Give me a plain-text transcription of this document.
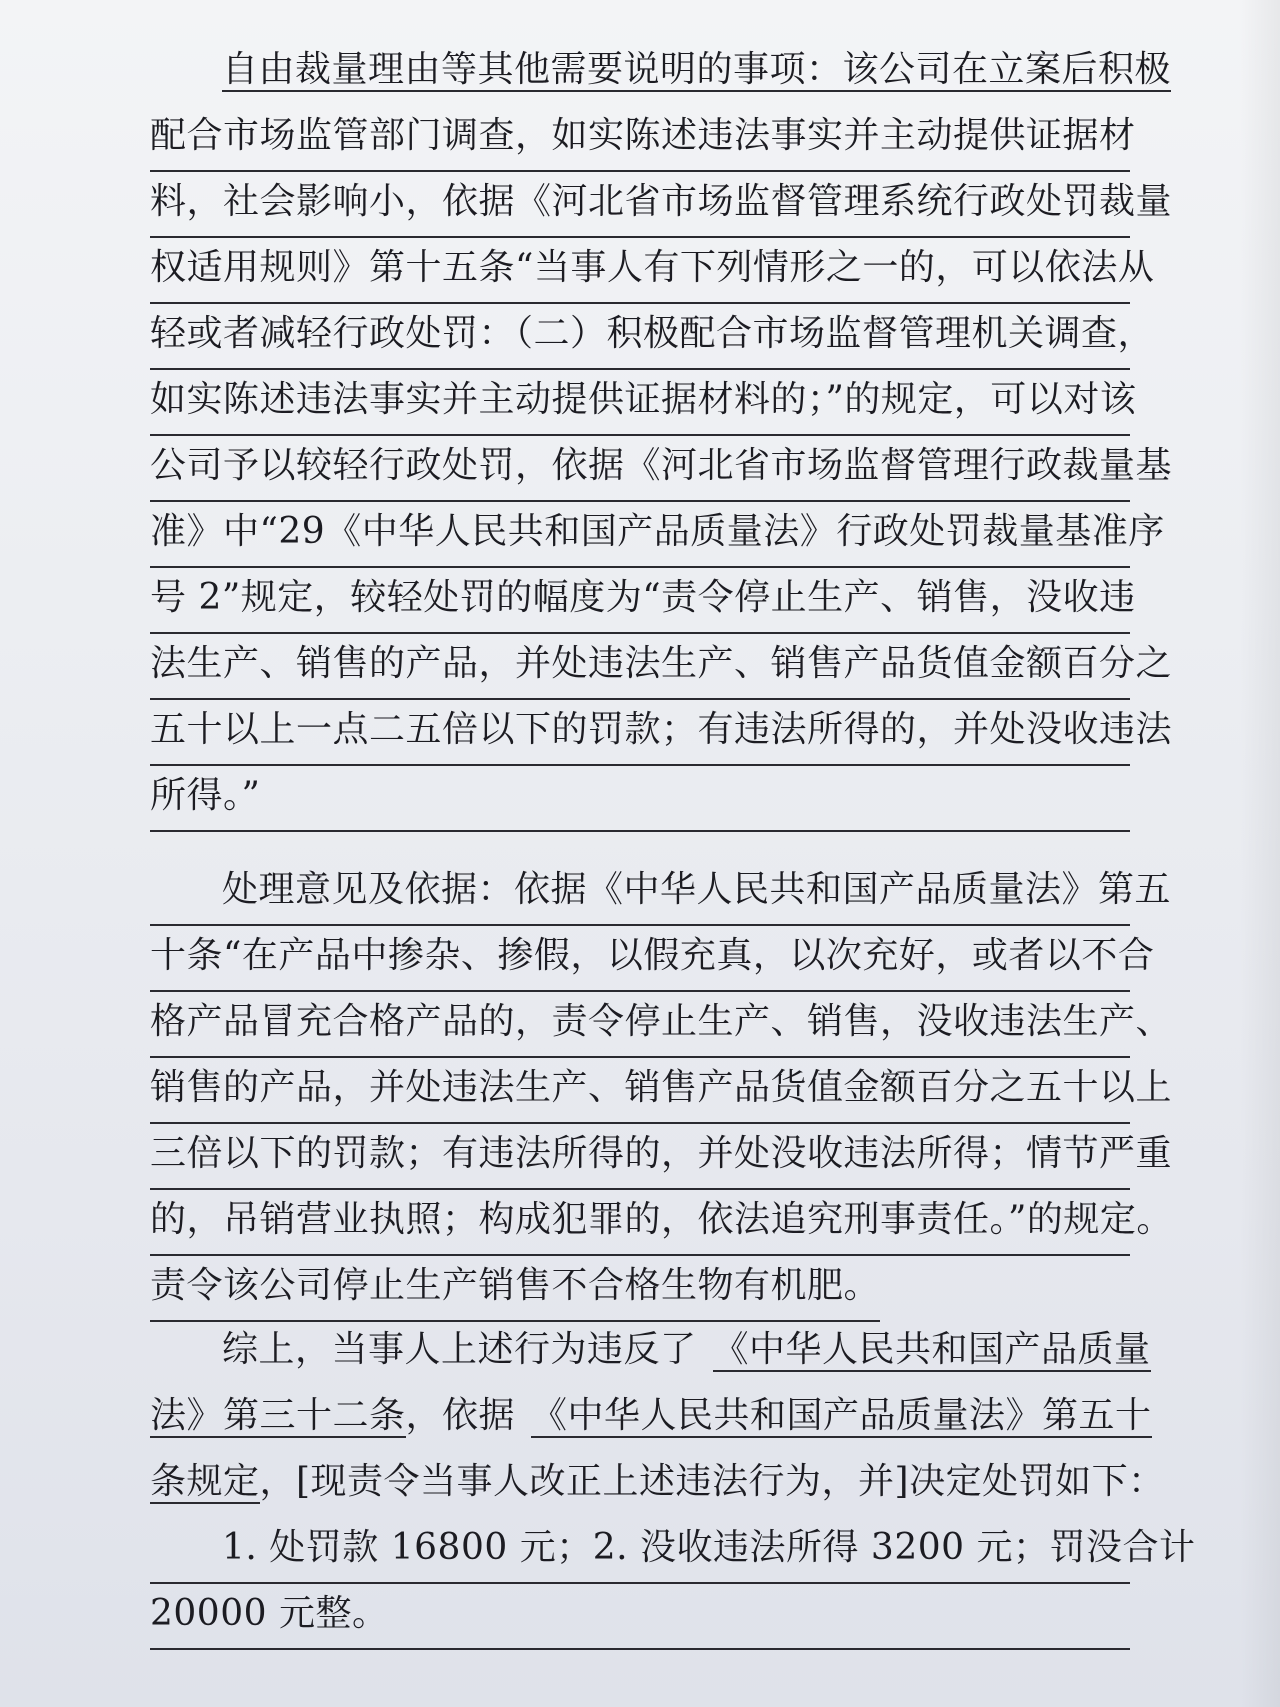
自由裁量理由等其他需要说明的事项：该公司在立案后积极
配合市场监管部门调查，如实陈述违法事实并主动提供证据材
料，社会影响小，依据《河北省市场监督管理系统行政处罚裁量
权适用规则》第十五条“当事人有下列情形之一的，可以依法从
轻或者减轻行政处罚：（二）积极配合市场监督管理机关调查，
如实陈述违法事实并主动提供证据材料的；”的规定，可以对该
公司予以较轻行政处罚，依据《河北省市场监督管理行政裁量基
准》中“29《中华人民共和国产品质量法》行政处罚裁量基准序
号 2”规定，较轻处罚的幅度为“责令停止生产、销售，没收违
法生产、销售的产品，并处违法生产、销售产品货值金额百分之
五十以上一点二五倍以下的罚款；有违法所得的，并处没收违法
所得。”
处理意见及依据：依据《中华人民共和国产品质量法》第五
十条“在产品中掺杂、掺假，以假充真，以次充好，或者以不合
格产品冒充合格产品的，责令停止生产、销售，没收违法生产、
销售的产品，并处违法生产、销售产品货值金额百分之五十以上
三倍以下的罚款；有违法所得的，并处没收违法所得；情节严重
的，吊销营业执照；构成犯罪的，依法追究刑事责任。”的规定。
责令该公司停止生产销售不合格生物有机肥。
综上，当事人上述行为违反了 《中华人民共和国产品质量
法》第三十二条，依据 《中华人民共和国产品质量法》第五十
条规定，[现责令当事人改正上述违法行为，并]决定处罚如下：
1. 处罚款 16800 元；2. 没收违法所得 3200 元；罚没合计
20000 元整。
